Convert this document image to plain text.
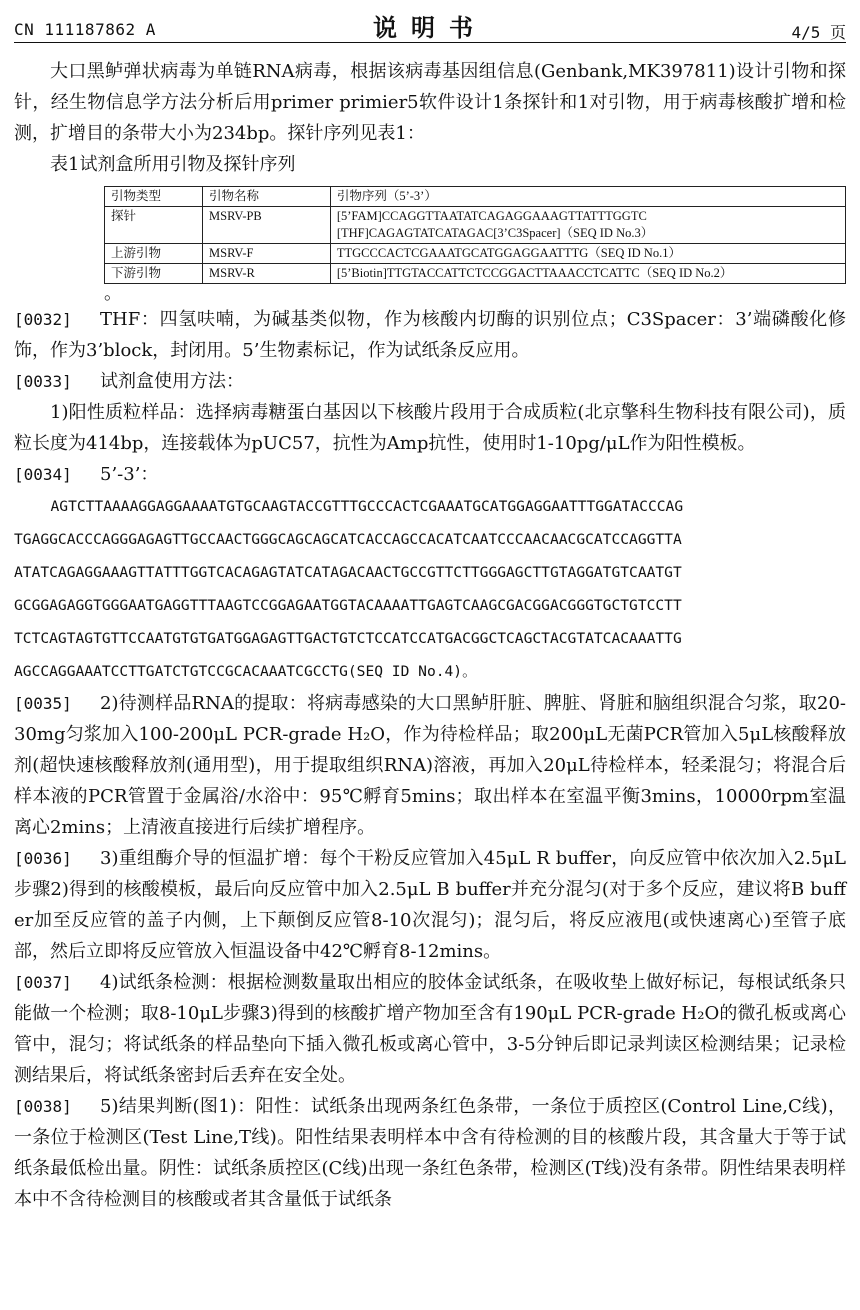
CN 111187862 A	说明书	4/5 页

大口黑鲈弹状病毒为单链RNA病毒，根据该病毒基因组信息(Genbank,MK397811)设计引物和探针，经生物信息学方法分析后用primer primier5软件设计1条探针和1对引物，用于病毒核酸扩增和检测，扩增目的条带大小为234bp。探针序列见表1：

表1试剂盒所用引物及探针序列

引物类型	引物名称	引物序列（5’-3’）
探针	MSRV-PB	[5’FAM]CCAGGTTAATATCAGAGGAAAGTTATTTGGTC
[THF]CAGAGTATCATAGAC[3’C3Spacer]（SEQ ID No.3）

上游引物	MSRV-F	TTGCCCACTCGAAATGCATGGAGGAATTTG（SEQ ID No.1）

下游引物	MSRV-R	[5’Biotin]TTGTACCATTCTCCGGACTTAAACCTCATTC（SEQ ID No.2）
。

[0032] THF：四氢呋喃，为碱基类似物，作为核酸内切酶的识别位点；C3Spacer：3’端磷酸化修饰，作为3’block，封闭用。5’生物素标记，作为试纸条反应用。

[0033] 试剂盒使用方法：

1)阳性质粒样品：选择病毒糖蛋白基因以下核酸片段用于合成质粒(北京擎科生物科技有限公司)，质粒长度为414bp，连接载体为pUC57，抗性为Amp抗性，使用时1-10pg/μL作为阳性模板。

[0034] 5’-3’：

AGTCTTAAAAGGAGGAAAATGTGCAAGTACCGTTTGCCCACTCGAAATGCATGGAGGAATTTGGATACCCAG
TGAGGCACCCAGGGAGAGTTGCCAACTGGGCAGCAGCATCACCAGCCACATCAATCCCAACAACGCATCCAGGTTA
ATATCAGAGGAAAGTTATTTGGTCACAGAGTATCATAGACAACTGCCGTTCTTGGGAGCTTGTAGGATGTCAATGT
GCGGAGAGGTGGGAATGAGGTTTAAGTCCGGAGAATGGTACAAAATTGAGTCAAGCGACGGACGGGTGCTGTCCTT
TCTCAGTAGTGTTCCAATGTGTGATGGAGAGTTGACTGTCTCCATCCATGACGGCTCAGCTACGTATCACAAATTG
AGCCAGGAAATCCTTGATCTGTCCGCACAAATCGCCTG(SEQ ID No.4)。

[0035] 2)待测样品RNA的提取：将病毒感染的大口黑鲈肝脏、脾脏、肾脏和脑组织混合匀浆，取20-30mg匀浆加入100-200μL PCR-grade H₂O，作为待检样品；取200μL无菌PCR管加入5μL核酸释放剂(超快速核酸释放剂(通用型)，用于提取组织RNA)溶液，再加入20μL待检样本，轻柔混匀；将混合后样本液的PCR管置于金属浴/水浴中：95℃孵育5mins；取出样本在室温平衡3mins，10000rpm室温离心2mins；上清液直接进行后续扩增程序。

[0036] 3)重组酶介导的恒温扩增：每个干粉反应管加入45μL R buffer，向反应管中依次加入2.5μL步骤2)得到的核酸模板，最后向反应管中加入2.5μL B buffer并充分混匀(对于多个反应，建议将B buffer加至反应管的盖子内侧，上下颠倒反应管8-10次混匀)；混匀后，将反应液甩(或快速离心)至管子底部，然后立即将反应管放入恒温设备中42℃孵育8-12mins。

[0037] 4)试纸条检测：根据检测数量取出相应的胶体金试纸条，在吸收垫上做好标记，每根试纸条只能做一个检测；取8-10μL步骤3)得到的核酸扩增产物加至含有190μL PCR-grade H₂O的微孔板或离心管中，混匀；将试纸条的样品垫向下插入微孔板或离心管中，3-5分钟后即记录判读区检测结果；记录检测结果后，将试纸条密封后丢弃在安全处。

[0038] 5)结果判断(图1)：阳性：试纸条出现两条红色条带，一条位于质控区(Control Line,C线)，一条位于检测区(Test Line,T线)。阳性结果表明样本中含有待检测的目的核酸片段，其含量大于等于试纸条最低检出量。阴性：试纸条质控区(C线)出现一条红色条带，检测区(T线)没有条带。阴性结果表明样本中不含待检测目的核酸或者其含量低于试纸条
